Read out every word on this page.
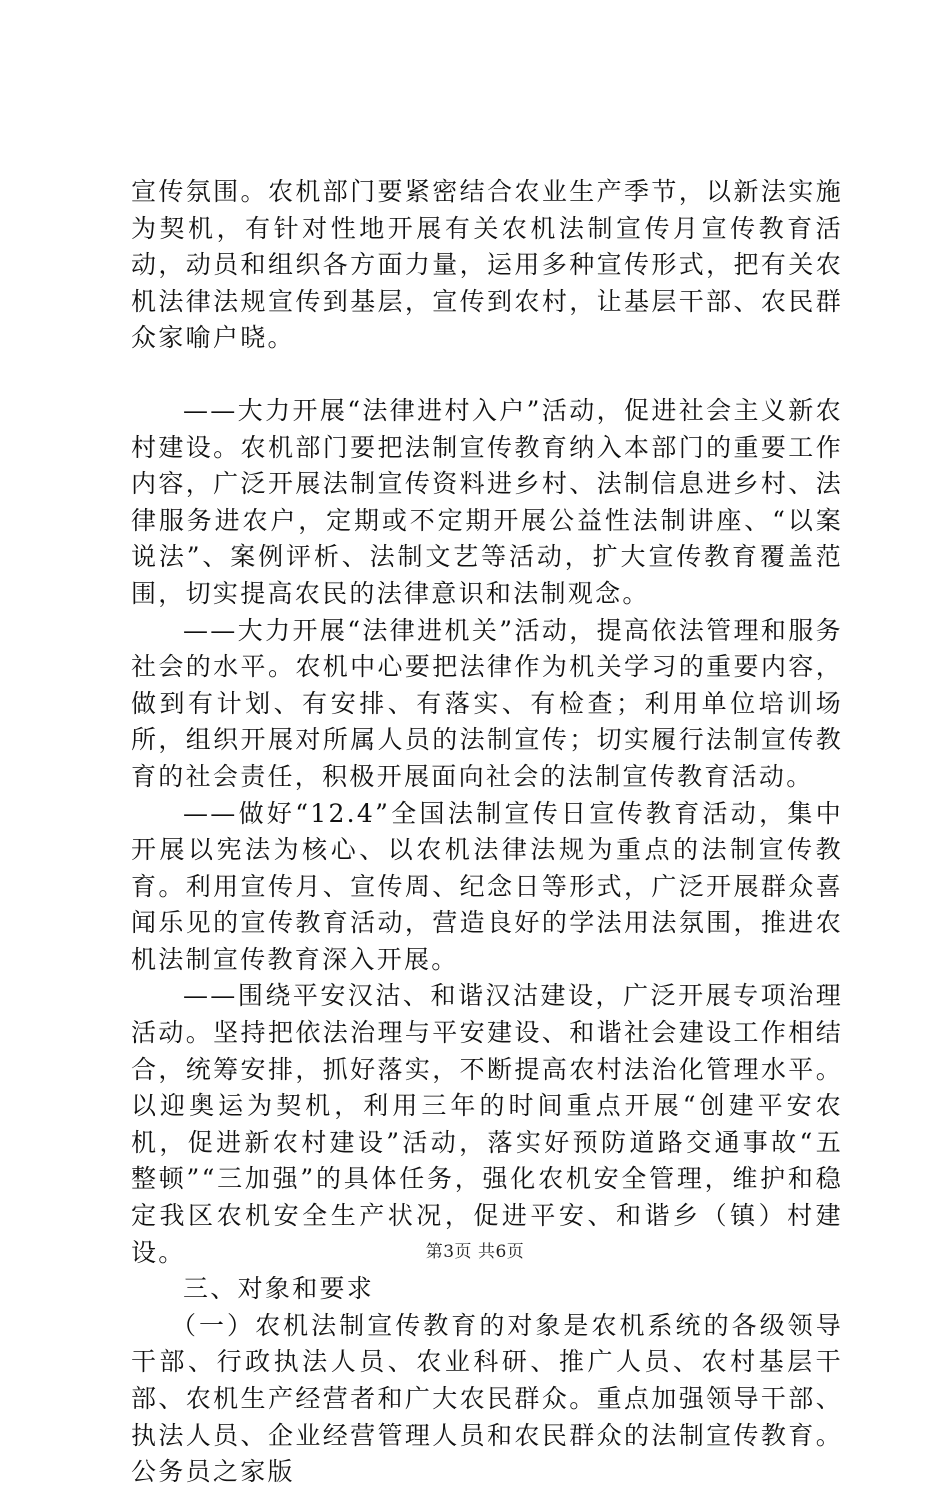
宣传氛围。农机部门要紧密结合农业生产季节，以新法实施为契机，有针对性地开展有关农机法制宣传月宣传教育活动，动员和组织各方面力量，运用多种宣传形式，把有关农机法律法规宣传到基层，宣传到农村，让基层干部、农民群众家喻户晓。

——大力开展“法律进村入户”活动，促进社会主义新农村建设。农机部门要把法制宣传教育纳入本部门的重要工作内容，广泛开展法制宣传资料进乡村、法制信息进乡村、法律服务进农户，定期或不定期开展公益性法制讲座、“以案说法”、案例评析、法制文艺等活动，扩大宣传教育覆盖范围，切实提高农民的法律意识和法制观念。

——大力开展“法律进机关”活动，提高依法管理和服务社会的水平。农机中心要把法律作为机关学习的重要内容，做到有计划、有安排、有落实、有检查；利用单位培训场所，组织开展对所属人员的法制宣传；切实履行法制宣传教育的社会责任，积极开展面向社会的法制宣传教育活动。

——做好“12.4”全国法制宣传日宣传教育活动，集中开展以宪法为核心、以农机法律法规为重点的法制宣传教育。利用宣传月、宣传周、纪念日等形式，广泛开展群众喜闻乐见的宣传教育活动，营造良好的学法用法氛围，推进农机法制宣传教育深入开展。

——围绕平安汉沽、和谐汉沽建设，广泛开展专项治理活动。坚持把依法治理与平安建设、和谐社会建设工作相结合，统筹安排，抓好落实，不断提高农村法治化管理水平。以迎奥运为契机，利用三年的时间重点开展“创建平安农机，促进新农村建设”活动，落实好预防道路交通事故“五整顿”“三加强”的具体任务，强化农机安全管理，维护和稳定我区农机安全生产状况，促进平安、和谐乡（镇）村建设。

三、对象和要求

（一）农机法制宣传教育的对象是农机系统的各级领导干部、行政执法人员、农业科研、推广人员、农村基层干部、农机生产经营者和广大农民群众。重点加强领导干部、执法人员、企业经营管理人员和农民群众的法制宣传教育。公务员之家版

第3页 共6页
